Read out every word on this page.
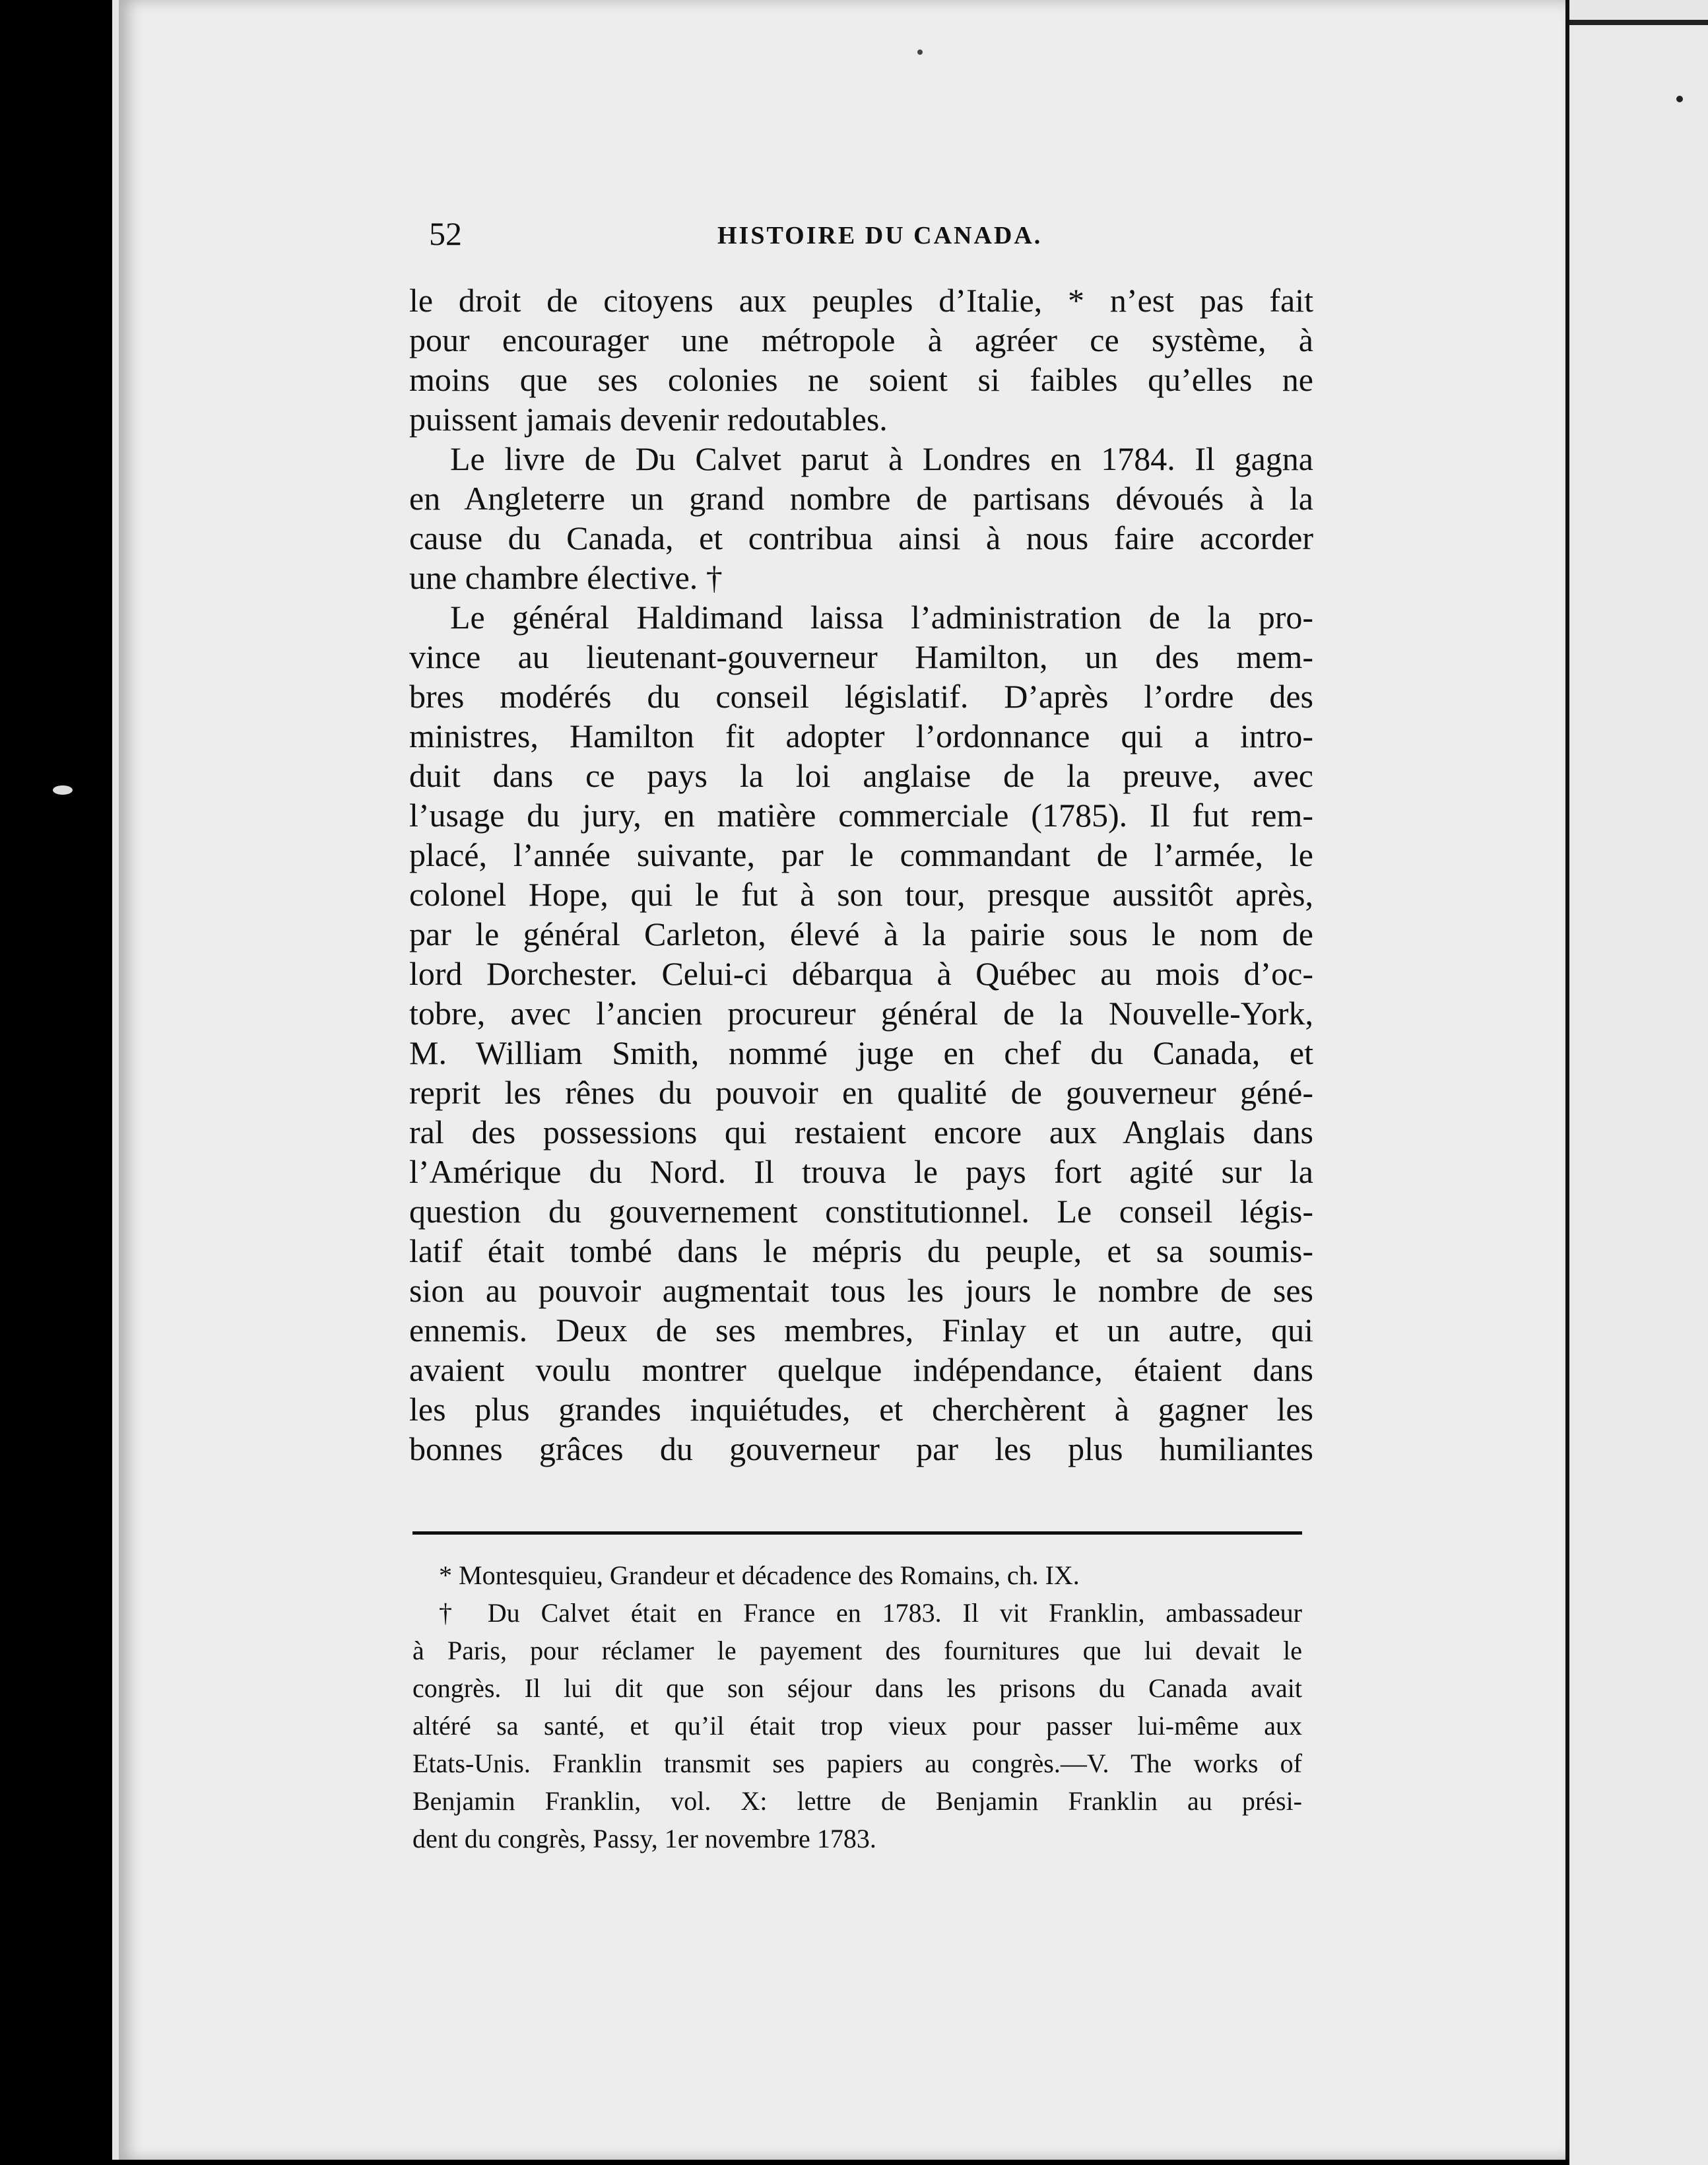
52	HISTOIRE DU CANADA.
le droit de citoyens aux peuples d’Italie, * n’est pas fait
pour encourager une métropole à agréer ce système, à
moins que ses colonies ne soient si faibles qu’elles ne
puissent jamais devenir redoutables.
Le livre de Du Calvet parut à Londres en 1784. Il gagna
en Angleterre un grand nombre de partisans dévoués à la
cause du Canada, et contribua ainsi à nous faire accorder
une chambre élective. †
Le général Haldimand laissa l’administration de la pro-
vince au lieutenant-gouverneur Hamilton, un des mem-
bres modérés du conseil législatif. D’après l’ordre des
ministres, Hamilton fit adopter l’ordonnance qui a intro-
duit dans ce pays la loi anglaise de la preuve, avec
l’usage du jury, en matière commerciale (1785). Il fut rem-
placé, l’année suivante, par le commandant de l’armée, le
colonel Hope, qui le fut à son tour, presque aussitôt après,
par le général Carleton, élevé à la pairie sous le nom de
lord Dorchester. Celui-ci débarqua à Québec au mois d’oc-
tobre, avec l’ancien procureur général de la Nouvelle-York,
M. William Smith, nommé juge en chef du Canada, et
reprit les rênes du pouvoir en qualité de gouverneur géné-
ral des possessions qui restaient encore aux Anglais dans
l’Amérique du Nord. Il trouva le pays fort agité sur la
question du gouvernement constitutionnel. Le conseil légis-
latif était tombé dans le mépris du peuple, et sa soumis-
sion au pouvoir augmentait tous les jours le nombre de ses
ennemis. Deux de ses membres, Finlay et un autre, qui
avaient voulu montrer quelque indépendance, étaient dans
les plus grandes inquiétudes, et cherchèrent à gagner les
bonnes grâces du gouverneur par les plus humiliantes
* Montesquieu, Grandeur et décadence des Romains, ch. IX.
† Du Calvet était en France en 1783. Il vit Franklin, ambassadeur
à Paris, pour réclamer le payement des fournitures que lui devait le
congrès. Il lui dit que son séjour dans les prisons du Canada avait
altéré sa santé, et qu’il était trop vieux pour passer lui-même aux
Etats-Unis. Franklin transmit ses papiers au congrès.—V. The works of
Benjamin Franklin, vol. X: lettre de Benjamin Franklin au prési-
dent du congrès, Passy, 1er novembre 1783.
